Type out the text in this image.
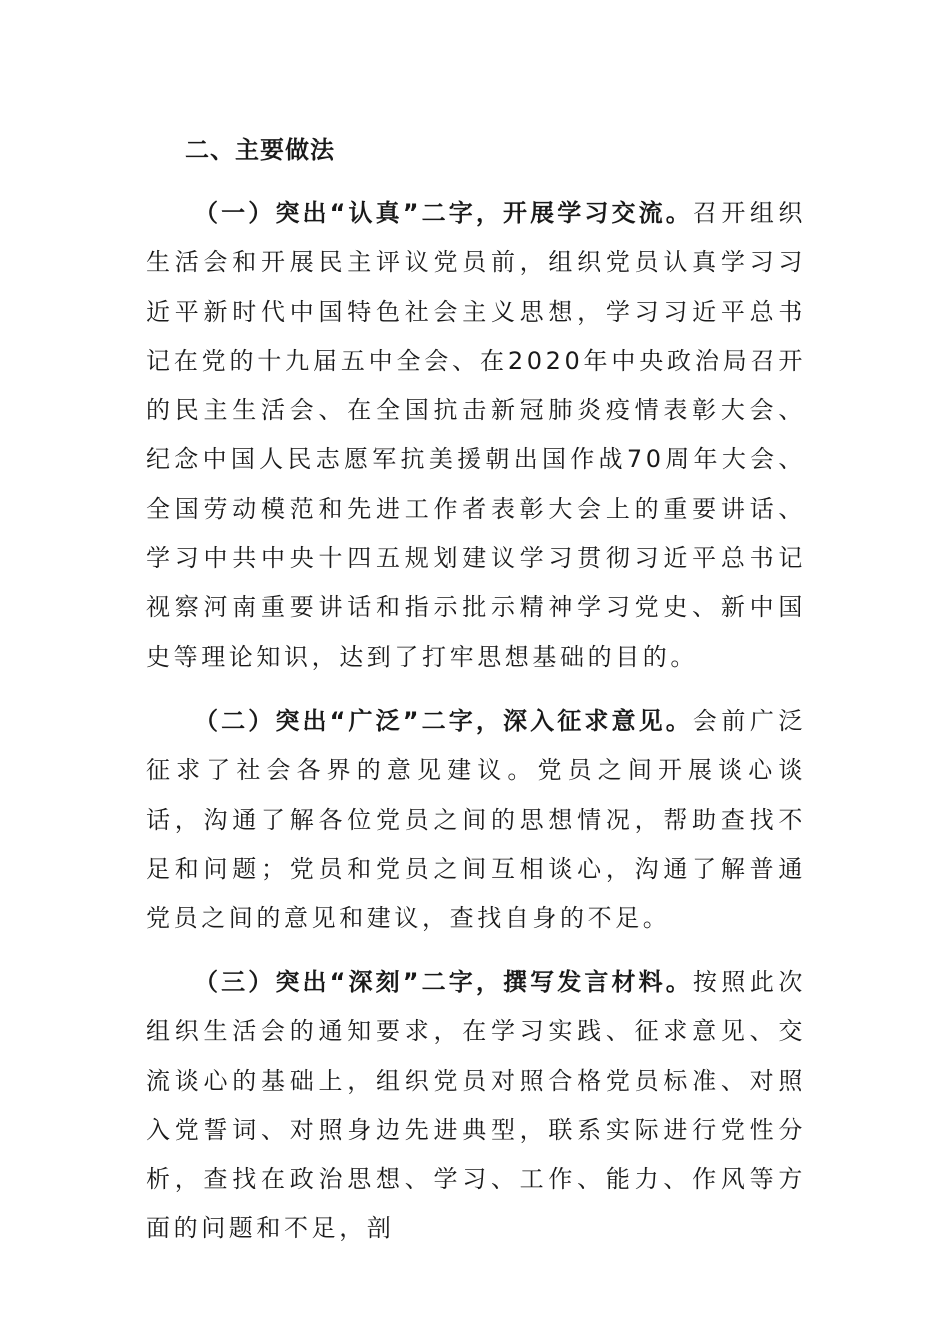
二、主要做法

（一）突出“认真”二字，开展学习交流。召开组织生活会和开展民主评议党员前，组织党员认真学习习近平新时代中国特色社会主义思想，学习习近平总书记在党的十九届五中全会、在2020年中央政治局召开的民主生活会、在全国抗击新冠肺炎疫情表彰大会、纪念中国人民志愿军抗美援朝出国作战70周年大会、全国劳动模范和先进工作者表彰大会上的重要讲话、学习中共中央十四五规划建议学习贯彻习近平总书记视察河南重要讲话和指示批示精神学习党史、新中国史等理论知识，达到了打牢思想基础的目的。

（二）突出“广泛”二字，深入征求意见。会前广泛征求了社会各界的意见建议。党员之间开展谈心谈话，沟通了解各位党员之间的思想情况，帮助查找不足和问题；党员和党员之间互相谈心，沟通了解普通党员之间的意见和建议，查找自身的不足。

（三）突出“深刻”二字，撰写发言材料。按照此次组织生活会的通知要求，在学习实践、征求意见、交流谈心的基础上，组织党员对照合格党员标准、对照入党誓词、对照身边先进典型，联系实际进行党性分析，查找在政治思想、学习、工作、能力、作风等方面的问题和不足，剖
